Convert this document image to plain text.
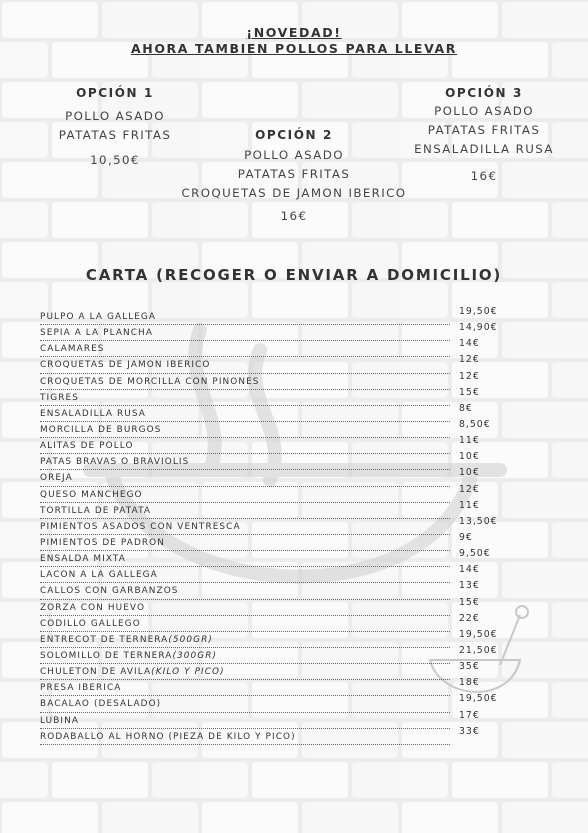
¡NOVEDAD!
AHORA TAMBIEN POLLOS PARA LLEVAR
OPCIÓN 1
POLLO ASADO
PATATAS FRITAS
10,50€
OPCIÓN 2
POLLO ASADO
PATATAS FRITAS
CROQUETAS DE JAMON IBERICO
16€
OPCIÓN 3
POLLO ASADO
PATATAS FRITAS
ENSALADILLA RUSA
16€
CARTA (RECOGER O ENVIAR A DOMICILIO)
PULPO A LA GALLEGA
SEPIA A LA PLANCHA
CALAMARES
CROQUETAS DE JAMÓN IBÉRICO
CROQUETAS DE MORCILLA CON PIÑONES
TIGRES
ENSALADILLA RUSA
MORCILLA DE BURGOS
ALITAS DE POLLO
PATAS BRAVAS O BRAVIOLIS
OREJA
QUESO MANCHEGO
TORTILLA DE PATATA
PIMIENTOS ASADOS CON VENTRESCA
PIMIENTOS DE PADRÓN
ENSALDA MIXTA
LACÓN A LA GALLEGA
CALLOS CON GARBANZOS
ZORZA CON HUEVO
CODILLO GALLEGO
ENTRECOT DE TERNERA(500GR)
SOLOMILLO DE TERNERA(300GR)
CHULETÓN DE ÁVILA(KILO Y PICO)
PRESA IBÉRICA
BACALAO (DESALADO)
LUBINA
RODABALLO AL HORNO (PIEZA DE KILO Y PICO)
19,50€
14,90€
14€
12€
12€
15€
8€
8,50€
11€
10€
10€
12€
11€
13,50€
9€
9,50€
14€
13€
15€
22€
19,50€
21,50€
35€
18€
19,50€
17€
33€
